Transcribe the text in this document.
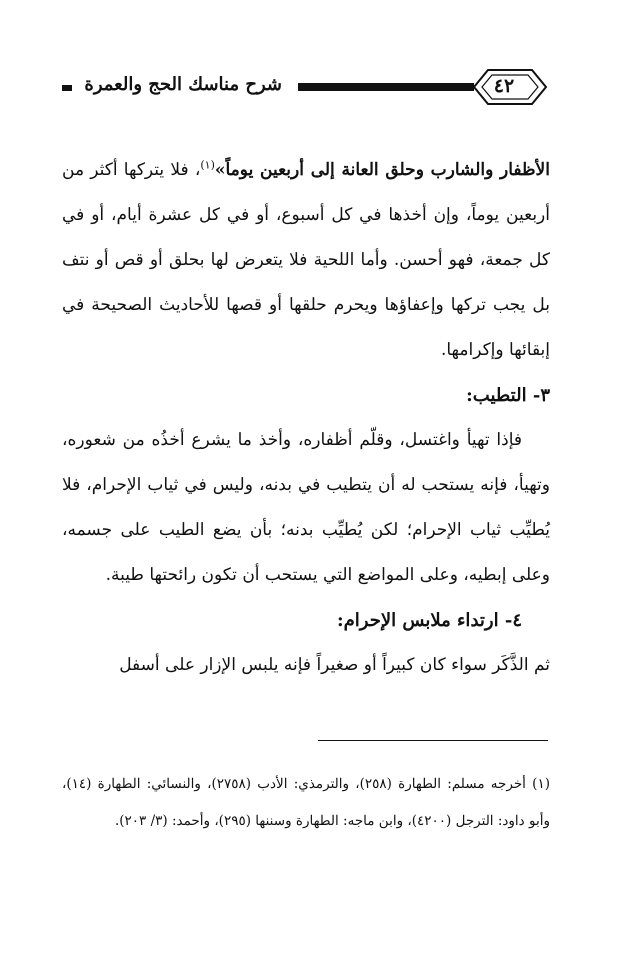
٤٢
شرح مناسك الحج والعمرة

الأظفار والشارب وحلق العانة إلى أربعين يوماً»$^{(١)}$، فلا يتركها أكثر من أربعين يوماً، وإن أخذها في كل أسبوع، أو في كل عشرة أيام، أو في كل جمعة، فهو أحسن. وأما اللحية فلا يتعرض لها بحلق أو قص أو نتف بل يجب تركها وإعفاؤها ويحرم حلقها أو قصها للأحاديث الصحيحة في إبقائها وإكرامها.

٣- التطيب:

فإذا تهيأ واغتسل، وقلّم أظفاره، وأخذ ما يشرع أخذُه من شعوره، وتهيأ، فإنه يستحب له أن يتطيب في بدنه، وليس في ثياب الإحرام، فلا يُطيِّب ثياب الإحرام؛ لكن يُطيِّب بدنه؛ بأن يضع الطيب على جسمه، وعلى إبطيه، وعلى المواضع التي يستحب أن تكون رائحتها طيبة.

٤- ارتداء ملابس الإحرام:

ثم الذَّكَر سواء كان كبيراً أو صغيراً فإنه يلبس الإزار على أسفل

(١) أخرجه مسلم: الطهارة (٢٥٨)، والترمذي: الأدب (٢٧٥٨)، والنسائي: الطهارة (١٤)، وأبو داود: الترجل (٤٢٠٠)، وابن ماجه: الطهارة وسننها (٢٩٥)، وأحمد: (٣/ ٢٠٣).
